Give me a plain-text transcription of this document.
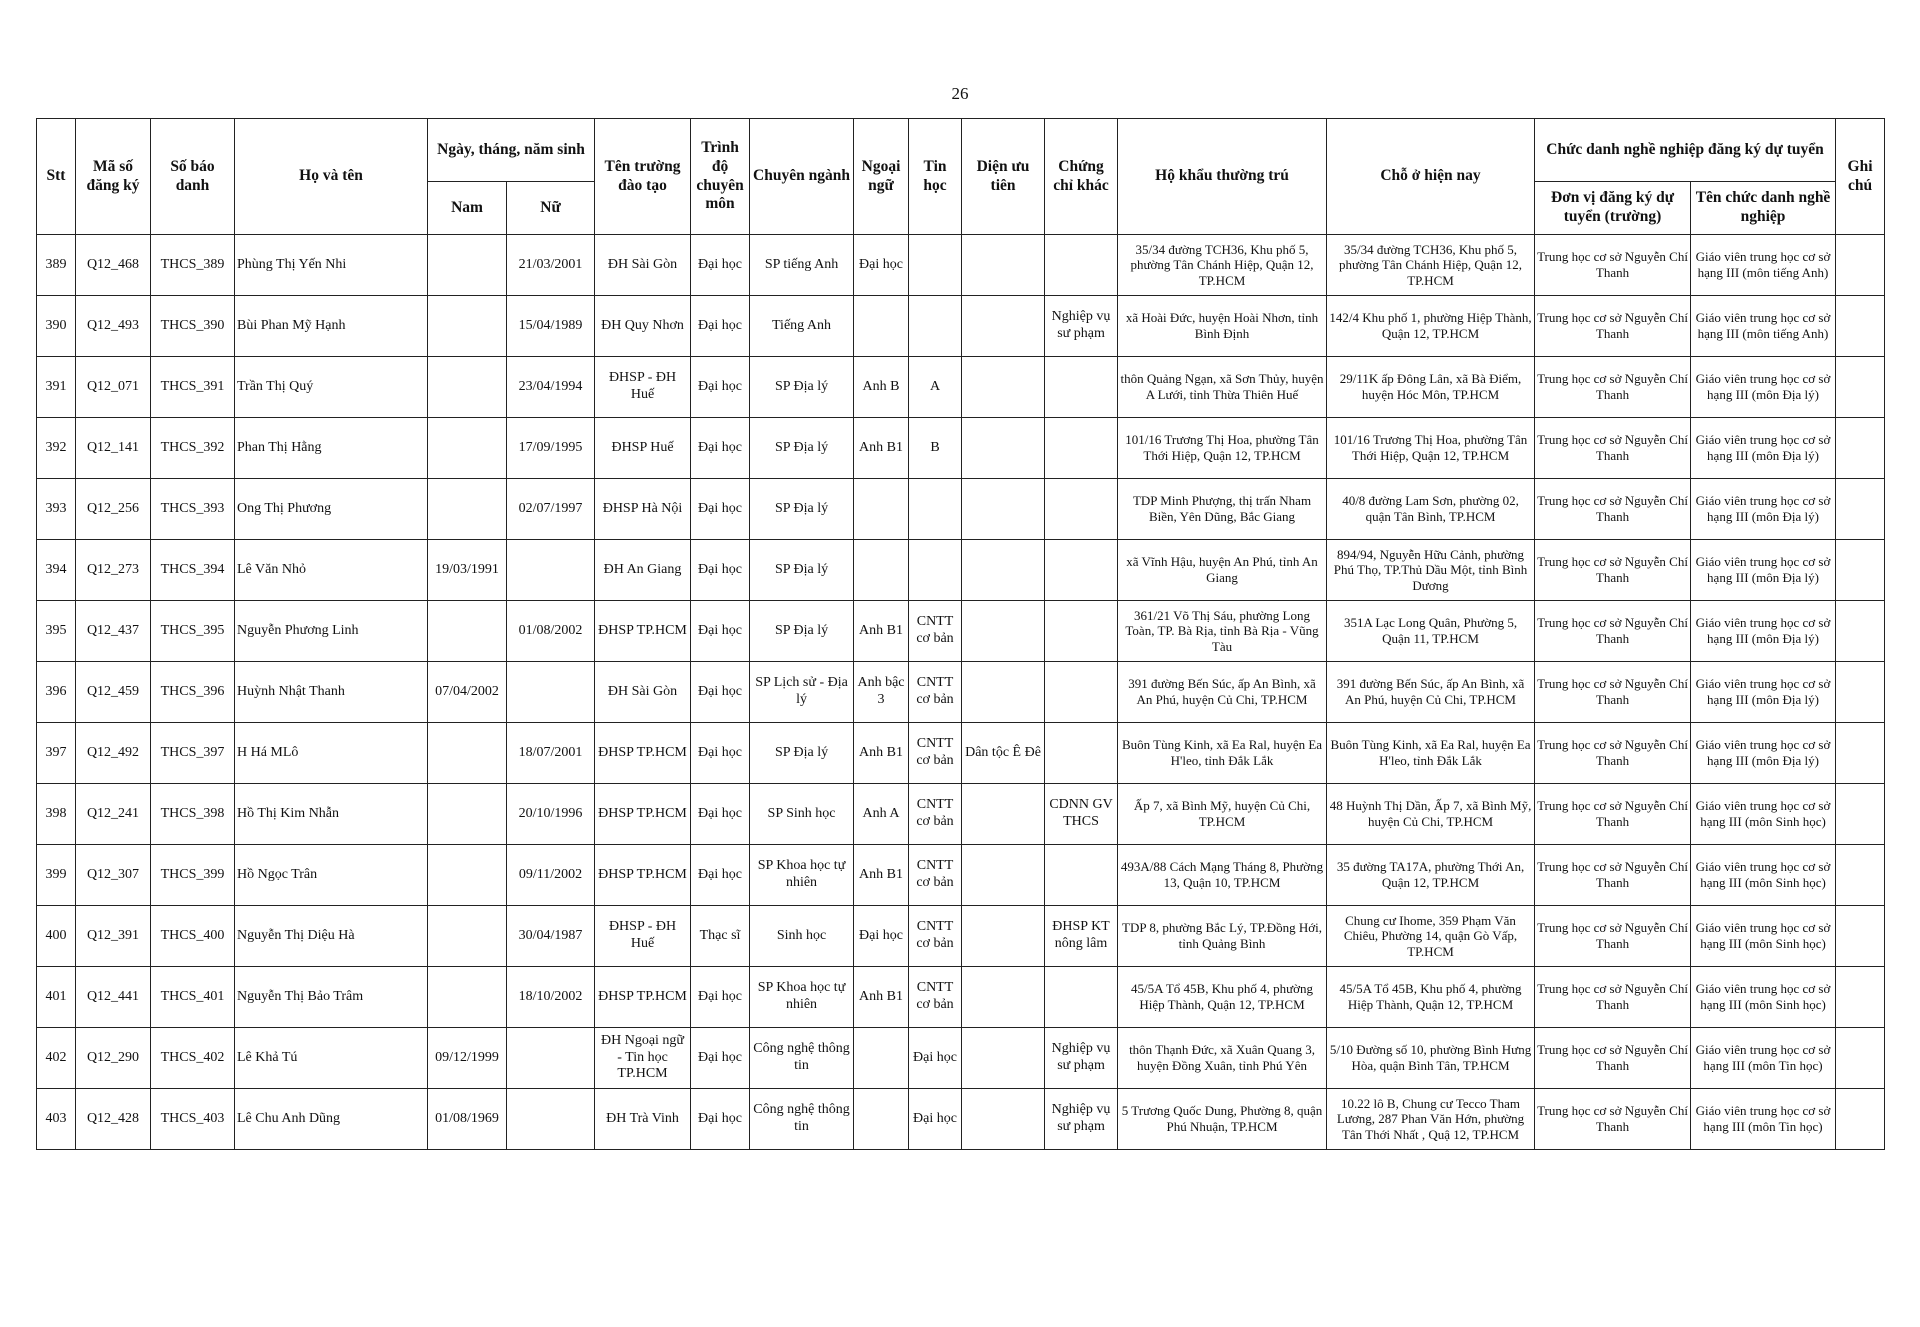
26
Stt	Mã số đăng ký	Số báo danh	Họ và tên	Ngày, tháng, năm sinh		Tên trường đào tạo	Trình độ chuyên môn	Chuyên ngành	Ngoại ngữ	Tin học	Diện ưu tiên	Chứng chỉ khác	Hộ khẩu thường trú	Chỗ ở hiện nay	Chức danh nghề nghiệp đăng ký dự tuyển		Ghi chú
				Nam	Nữ										Đơn vị đăng ký dự tuyển (trường)	Tên chức danh nghề nghiệp	
389	Q12_468	THCS_389	Phùng Thị Yến Nhi		21/03/2001	ĐH Sài Gòn	Đại học	SP tiếng Anh	Đại học				35/34 đường TCH36, Khu phố 5, phường Tân Chánh Hiệp, Quận 12, TP.HCM	35/34 đường TCH36, Khu phố 5, phường Tân Chánh Hiệp, Quận 12, TP.HCM	Trung học cơ sở Nguyễn Chí Thanh	Giáo viên trung học cơ sở hạng III (môn tiếng Anh)	
390	Q12_493	THCS_390	Bùi Phan Mỹ Hạnh		15/04/1989	ĐH Quy Nhơn	Đại học	Tiếng Anh				Nghiệp vụ sư phạm	xã Hoài Đức, huyện Hoài Nhơn, tỉnh Bình Định	142/4 Khu phố 1, phường Hiệp Thành, Quận 12, TP.HCM	Trung học cơ sở Nguyễn Chí Thanh	Giáo viên trung học cơ sở hạng III (môn tiếng Anh)	
391	Q12_071	THCS_391	Trần Thị Quý		23/04/1994	ĐHSP - ĐH Huế	Đại học	SP Địa lý	Anh B	A			thôn Quảng Ngạn, xã Sơn Thủy, huyện A Lưới, tỉnh Thừa Thiên Huế	29/11K ấp Đông Lân, xã Bà Điểm, huyện Hóc Môn, TP.HCM	Trung học cơ sở Nguyễn Chí Thanh	Giáo viên trung học cơ sở hạng III (môn Địa lý)	
392	Q12_141	THCS_392	Phan Thị Hằng		17/09/1995	ĐHSP Huế	Đại học	SP Địa lý	Anh B1	B			101/16 Trương Thị Hoa, phường Tân Thới Hiệp, Quận 12, TP.HCM	101/16 Trương Thị Hoa, phường Tân Thới Hiệp, Quận 12, TP.HCM	Trung học cơ sở Nguyễn Chí Thanh	Giáo viên trung học cơ sở hạng III (môn Địa lý)	
393	Q12_256	THCS_393	Ong Thị Phương		02/07/1997	ĐHSP Hà Nội	Đại học	SP Địa lý					TDP Minh Phượng, thị trấn Nham Biền, Yên Dũng, Bắc Giang	40/8 đường Lam Sơn, phường 02, quận Tân Bình, TP.HCM	Trung học cơ sở Nguyễn Chí Thanh	Giáo viên trung học cơ sở hạng III (môn Địa lý)	
394	Q12_273	THCS_394	Lê Văn Nhỏ	19/03/1991		ĐH An Giang	Đại học	SP Địa lý					xã Vĩnh Hậu, huyện An Phú, tỉnh An Giang	894/94, Nguyễn Hữu Cảnh, phường Phú Thọ, TP.Thủ Dầu Một, tỉnh Bình Dương	Trung học cơ sở Nguyễn Chí Thanh	Giáo viên trung học cơ sở hạng III (môn Địa lý)	
395	Q12_437	THCS_395	Nguyễn Phương Linh		01/08/2002	ĐHSP TP.HCM	Đại học	SP Địa lý	Anh B1	CNTT cơ bản			361/21 Võ Thị Sáu, phường Long Toàn, TP. Bà Rịa, tỉnh Bà Rịa - Vũng Tàu	351A Lạc Long Quân, Phường 5, Quận 11, TP.HCM	Trung học cơ sở Nguyễn Chí Thanh	Giáo viên trung học cơ sở hạng III (môn Địa lý)	
396	Q12_459	THCS_396	Huỳnh Nhật Thanh	07/04/2002		ĐH Sài Gòn	Đại học	SP Lịch sử - Địa lý	Anh bậc 3	CNTT cơ bản			391 đường Bến Súc, ấp An Bình, xã An Phú, huyện Củ Chi, TP.HCM	391 đường Bến Súc, ấp An Bình, xã An Phú, huyện Củ Chi, TP.HCM	Trung học cơ sở Nguyễn Chí Thanh	Giáo viên trung học cơ sở hạng III (môn Địa lý)	
397	Q12_492	THCS_397	H Há MLô		18/07/2001	ĐHSP TP.HCM	Đại học	SP Địa lý	Anh B1	CNTT cơ bản	Dân tộc Ê Đê		Buôn Tùng Kinh, xã Ea Ral, huyện Ea H'leo, tỉnh Đắk Lắk	Buôn Tùng Kinh, xã Ea Ral, huyện Ea H'leo, tỉnh Đắk Lắk	Trung học cơ sở Nguyễn Chí Thanh	Giáo viên trung học cơ sở hạng III (môn Địa lý)	
398	Q12_241	THCS_398	Hồ Thị Kim Nhẫn		20/10/1996	ĐHSP TP.HCM	Đại học	SP Sinh học	Anh A	CNTT cơ bản		CDNN GV THCS	Ấp 7, xã Bình Mỹ, huyện Củ Chi, TP.HCM	48 Huỳnh Thị Dần, Ấp 7, xã Bình Mỹ, huyện Củ Chi, TP.HCM	Trung học cơ sở Nguyễn Chí Thanh	Giáo viên trung học cơ sở hạng III (môn Sinh học)	
399	Q12_307	THCS_399	Hồ Ngọc Trân		09/11/2002	ĐHSP TP.HCM	Đại học	SP Khoa học tự nhiên	Anh B1	CNTT cơ bản			493A/88 Cách Mạng Tháng 8, Phường 13, Quận 10, TP.HCM	35 đường TA17A, phường Thới An, Quận 12, TP.HCM	Trung học cơ sở Nguyễn Chí Thanh	Giáo viên trung học cơ sở hạng III (môn Sinh học)	
400	Q12_391	THCS_400	Nguyễn Thị Diệu Hà		30/04/1987	ĐHSP - ĐH Huế	Thạc sĩ	Sinh học	Đại học	CNTT cơ bản		ĐHSP KT nông lâm	TDP 8, phường Bắc Lý, TP.Đồng Hới, tỉnh Quảng Bình	Chung cư Ihome, 359 Phạm Văn Chiêu, Phường 14, quận Gò Vấp, TP.HCM	Trung học cơ sở Nguyễn Chí Thanh	Giáo viên trung học cơ sở hạng III (môn Sinh học)	
401	Q12_441	THCS_401	Nguyễn Thị Bảo Trâm		18/10/2002	ĐHSP TP.HCM	Đại học	SP Khoa học tự nhiên	Anh B1	CNTT cơ bản			45/5A Tổ 45B, Khu phố 4, phường Hiệp Thành, Quận 12, TP.HCM	45/5A Tổ 45B, Khu phố 4, phường Hiệp Thành, Quận 12, TP.HCM	Trung học cơ sở Nguyễn Chí Thanh	Giáo viên trung học cơ sở hạng III (môn Sinh học)	
402	Q12_290	THCS_402	Lê Khả Tú	09/12/1999		ĐH Ngoại ngữ - Tin học TP.HCM	Đại học	Công nghệ thông tin		Đại học		Nghiệp vụ sư phạm	thôn Thạnh Đức, xã Xuân Quang 3, huyện Đồng Xuân, tỉnh Phú Yên	5/10 Đường số 10, phường Bình Hưng Hòa, quận Bình Tân, TP.HCM	Trung học cơ sở Nguyễn Chí Thanh	Giáo viên trung học cơ sở hạng III (môn Tin học)	
403	Q12_428	THCS_403	Lê Chu Anh Dũng	01/08/1969		ĐH Trà Vinh	Đại học	Công nghệ thông tin		Đại học		Nghiệp vụ sư phạm	5 Trương Quốc Dung, Phường 8, quận Phú Nhuận, TP.HCM	10.22 lô B, Chung cư Tecco Tham Lương, 287 Phan Văn Hớn, phường Tân Thới Nhất , Quậ 12, TP.HCM	Trung học cơ sở Nguyễn Chí Thanh	Giáo viên trung học cơ sở hạng III (môn Tin học)	
